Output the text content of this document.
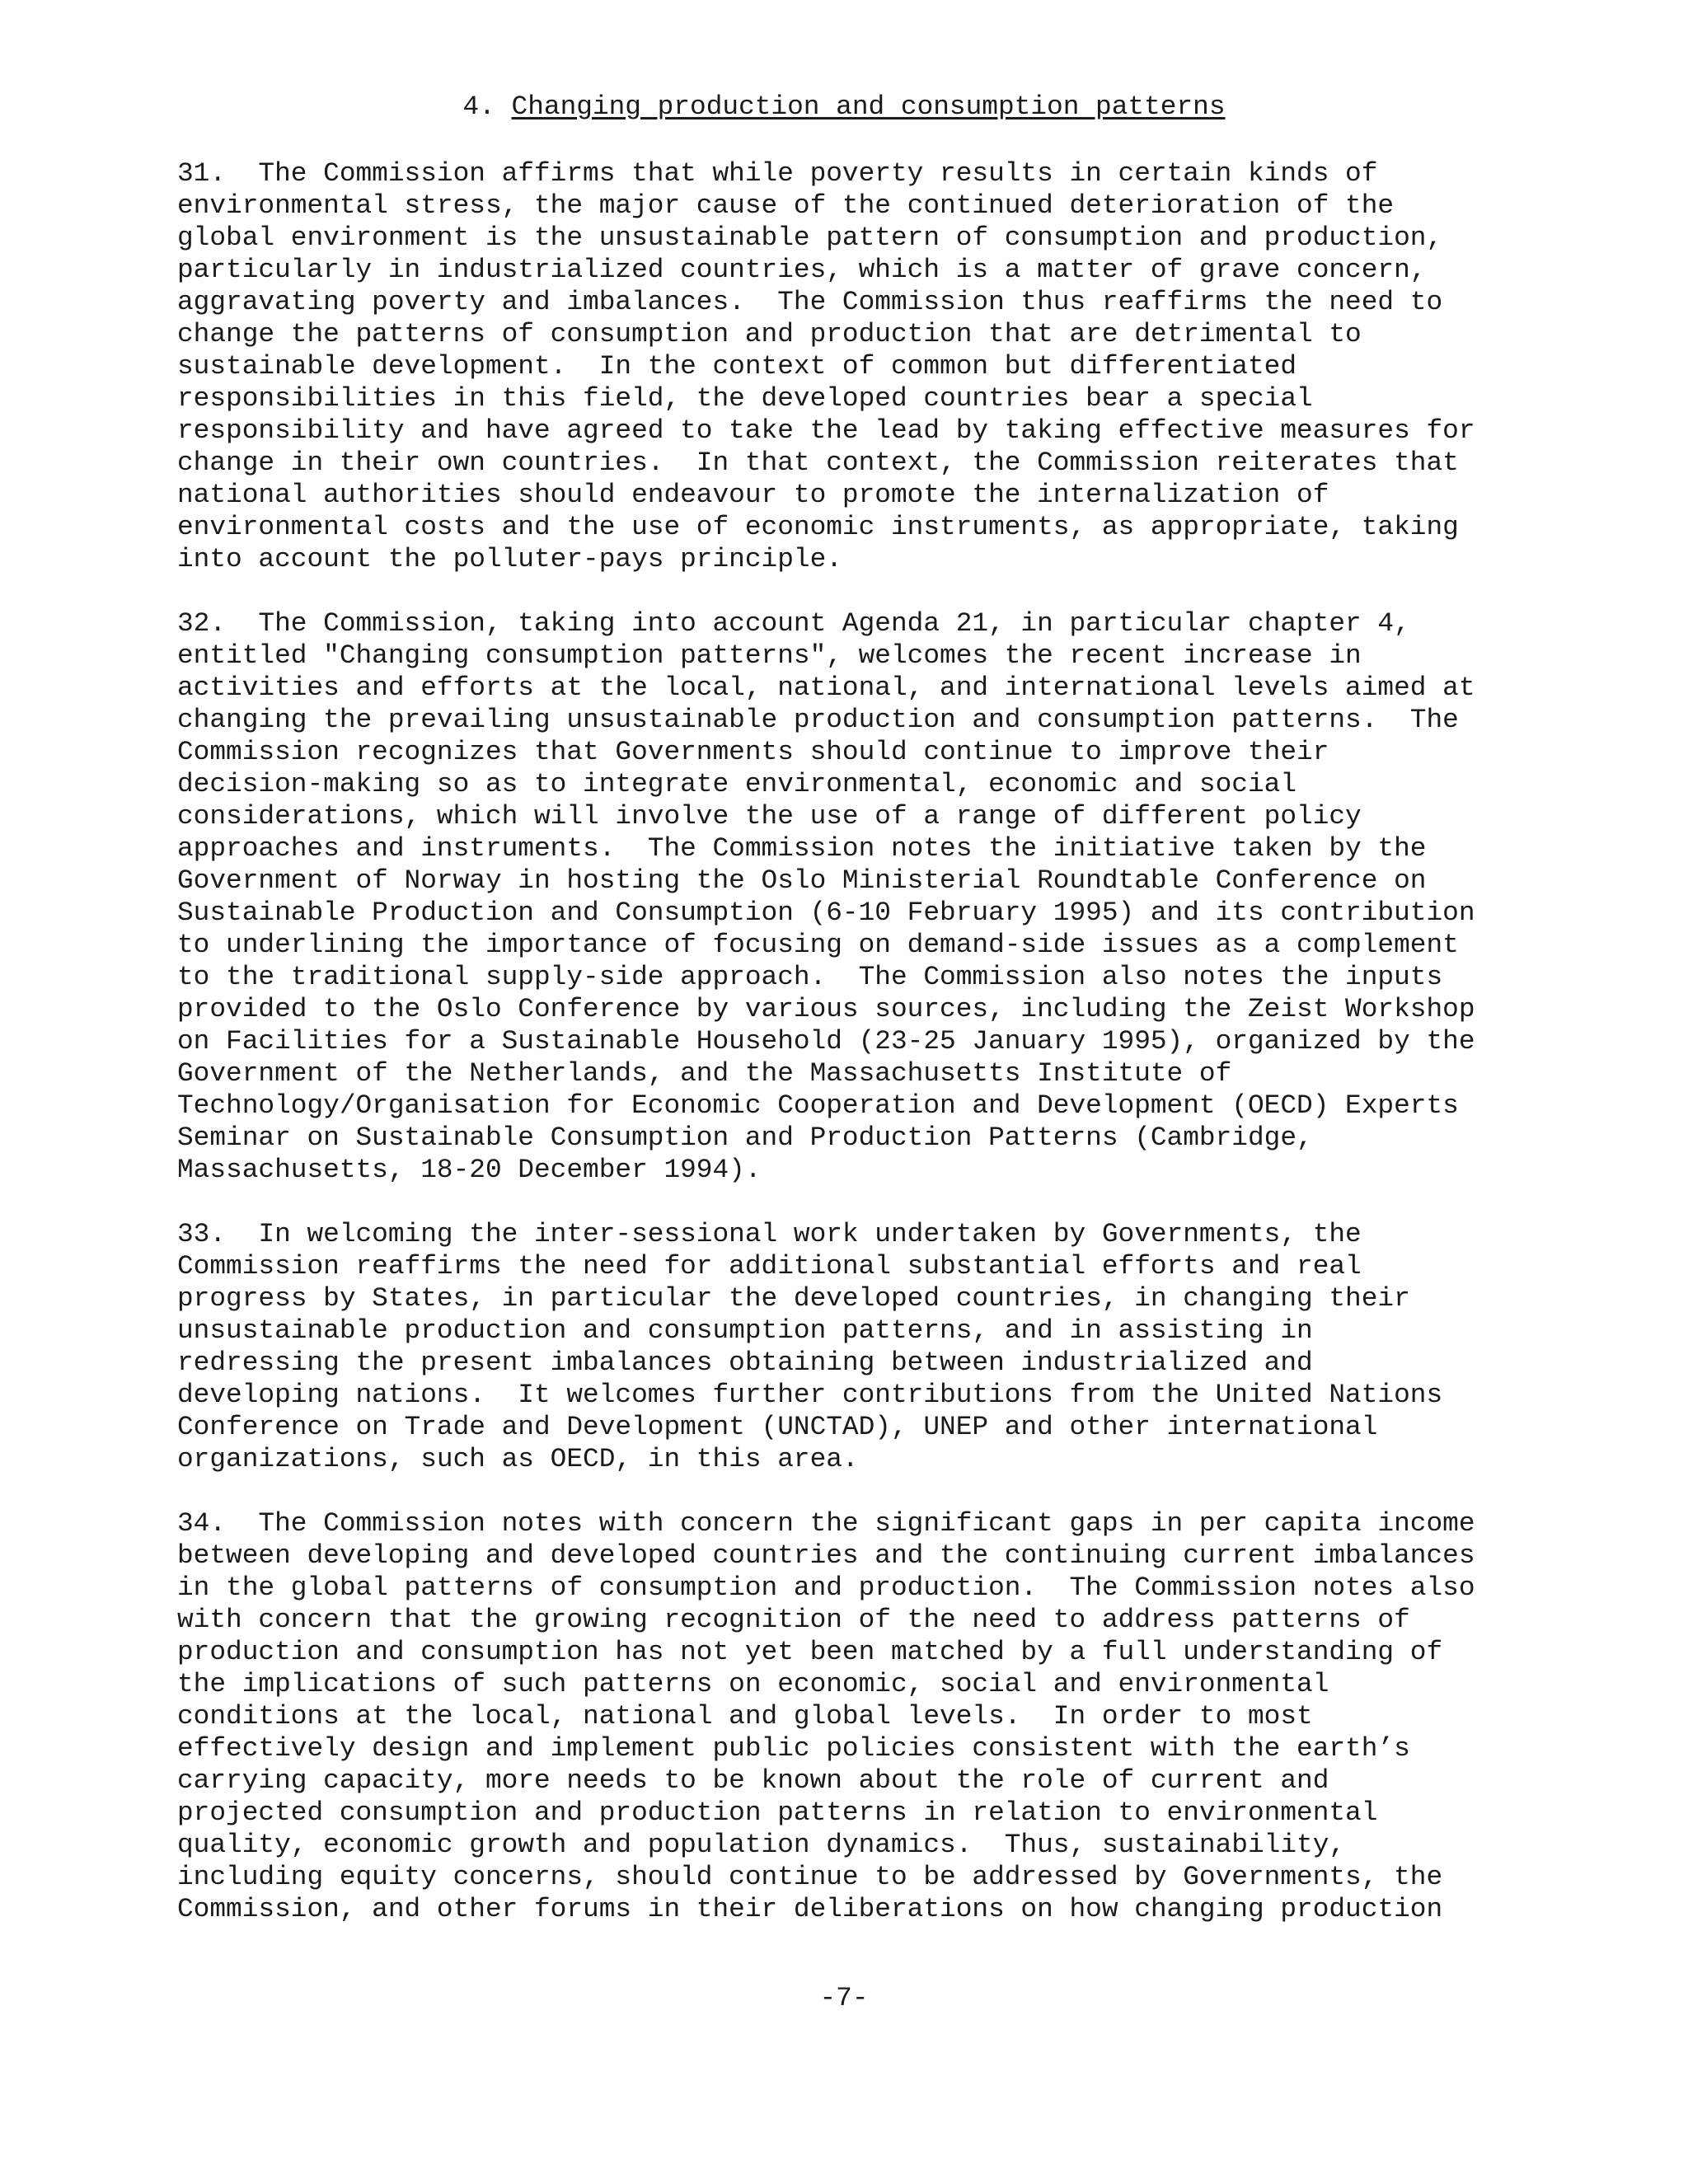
4. Changing production and consumption patterns
31.  The Commission affirms that while poverty results in certain kinds of
environmental stress, the major cause of the continued deterioration of the
global environment is the unsustainable pattern of consumption and production,
particularly in industrialized countries, which is a matter of grave concern,
aggravating poverty and imbalances.  The Commission thus reaffirms the need to
change the patterns of consumption and production that are detrimental to
sustainable development.  In the context of common but differentiated
responsibilities in this field, the developed countries bear a special
responsibility and have agreed to take the lead by taking effective measures for
change in their own countries.  In that context, the Commission reiterates that
national authorities should endeavour to promote the internalization of
environmental costs and the use of economic instruments, as appropriate, taking
into account the polluter-pays principle.
32.  The Commission, taking into account Agenda 21, in particular chapter 4,
entitled "Changing consumption patterns", welcomes the recent increase in
activities and efforts at the local, national, and international levels aimed at
changing the prevailing unsustainable production and consumption patterns.  The
Commission recognizes that Governments should continue to improve their
decision-making so as to integrate environmental, economic and social
considerations, which will involve the use of a range of different policy
approaches and instruments.  The Commission notes the initiative taken by the
Government of Norway in hosting the Oslo Ministerial Roundtable Conference on
Sustainable Production and Consumption (6-10 February 1995) and its contribution
to underlining the importance of focusing on demand-side issues as a complement
to the traditional supply-side approach.  The Commission also notes the inputs
provided to the Oslo Conference by various sources, including the Zeist Workshop
on Facilities for a Sustainable Household (23-25 January 1995), organized by the
Government of the Netherlands, and the Massachusetts Institute of
Technology/Organisation for Economic Cooperation and Development (OECD) Experts
Seminar on Sustainable Consumption and Production Patterns (Cambridge,
Massachusetts, 18-20 December 1994).
33.  In welcoming the inter-sessional work undertaken by Governments, the
Commission reaffirms the need for additional substantial efforts and real
progress by States, in particular the developed countries, in changing their
unsustainable production and consumption patterns, and in assisting in
redressing the present imbalances obtaining between industrialized and
developing nations.  It welcomes further contributions from the United Nations
Conference on Trade and Development (UNCTAD), UNEP and other international
organizations, such as OECD, in this area.
34.  The Commission notes with concern the significant gaps in per capita income
between developing and developed countries and the continuing current imbalances
in the global patterns of consumption and production.  The Commission notes also
with concern that the growing recognition of the need to address patterns of
production and consumption has not yet been matched by a full understanding of
the implications of such patterns on economic, social and environmental
conditions at the local, national and global levels.  In order to most
effectively design and implement public policies consistent with the earth’s
carrying capacity, more needs to be known about the role of current and
projected consumption and production patterns in relation to environmental
quality, economic growth and population dynamics.  Thus, sustainability,
including equity concerns, should continue to be addressed by Governments, the
Commission, and other forums in their deliberations on how changing production
-7-
